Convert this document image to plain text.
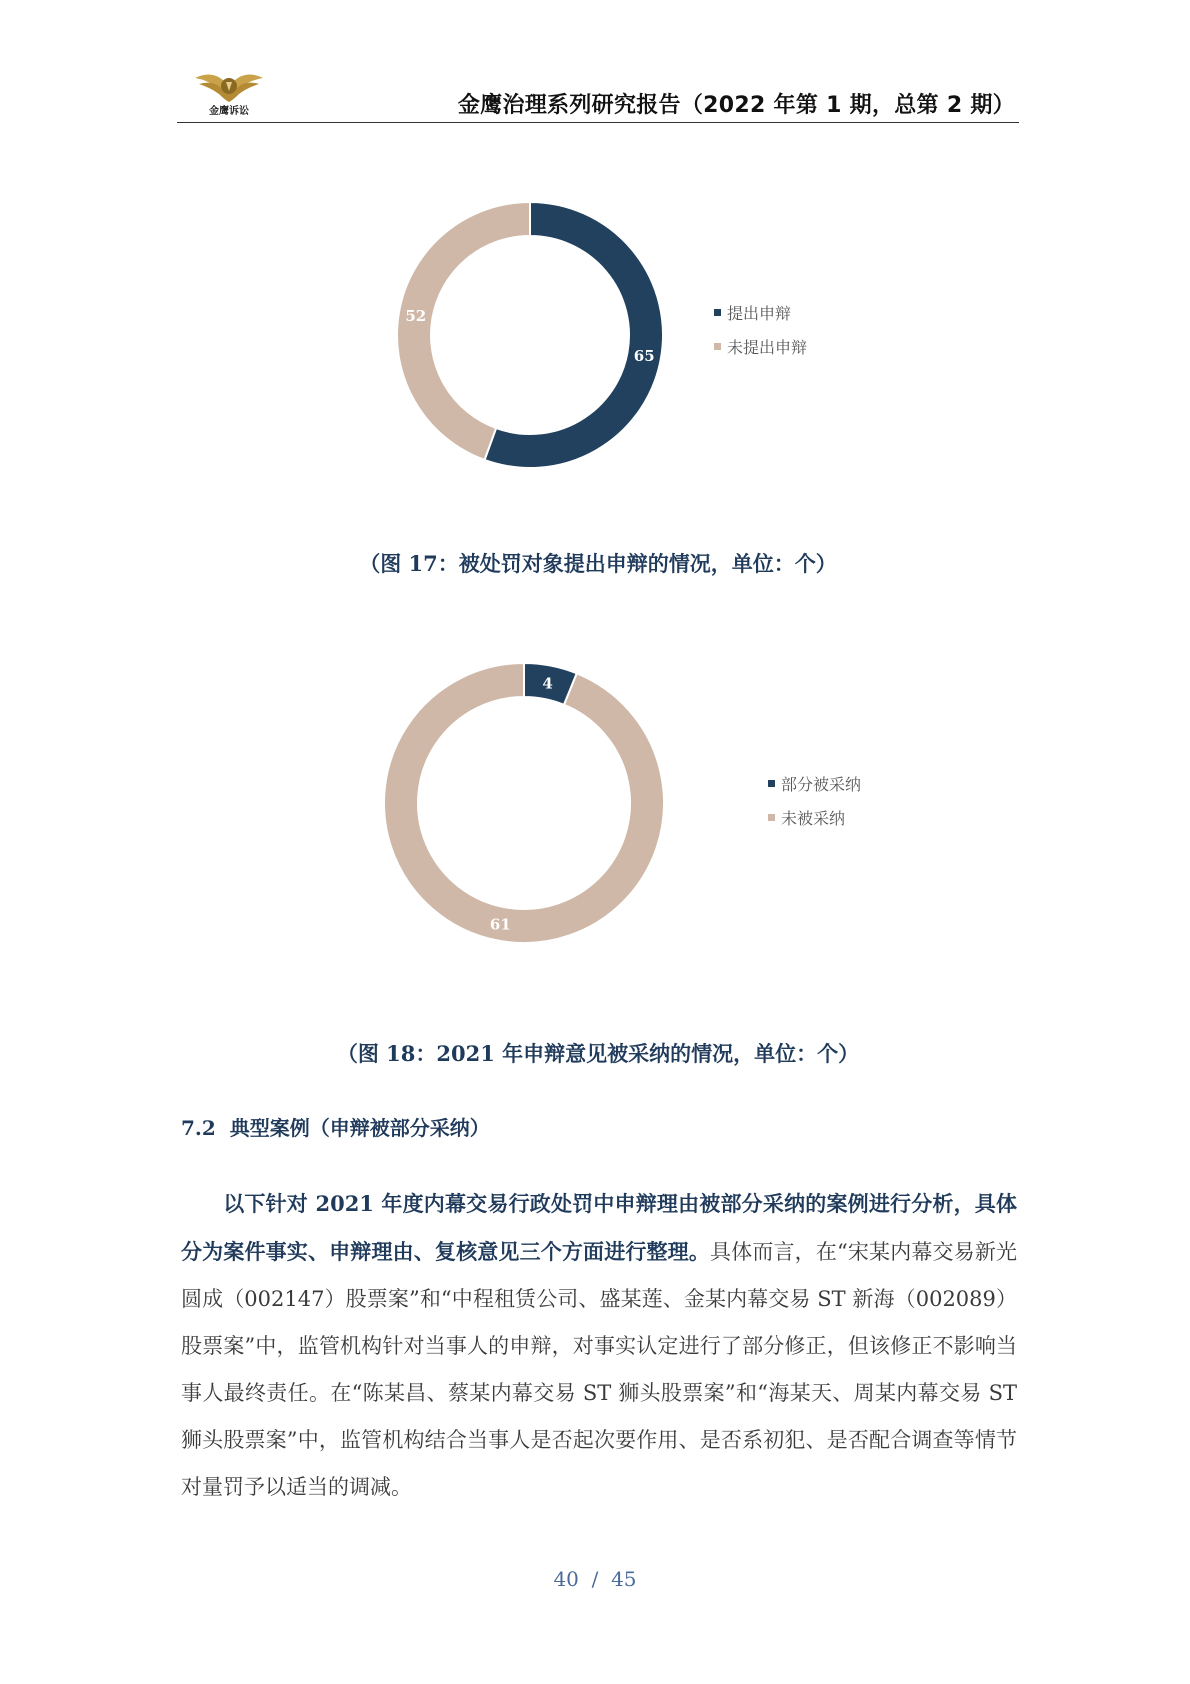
金鹰诉讼	金鹰治理系列研究报告（2022 年第 1 期，总第 2 期）
65
52	提出申辩
未提出申辩
（图 17：被处罚对象提出申辩的情况，单位：个）
4
61
部分被采纳
未被采纳
（图 18：2021 年申辩意见被采纳的情况，单位：个）
7.2  典型案例（申辩被部分采纳）
以下针对 2021 年度内幕交易行政处罚中申辩理由被部分采纳的案例进行分析，具体分为案件事实、申辩理由、复核意见三个方面进行整理。具体而言，在“宋某内幕交易新光圆成（002147）股票案”和“中程租赁公司、盛某莲、金某内幕交易 ST 新海（002089）股票案”中，监管机构针对当事人的申辩，对事实认定进行了部分修正，但该修正不影响当事人最终责任。在“陈某昌、蔡某内幕交易 ST 狮头股票案”和“海某天、周某内幕交易 ST 狮头股票案”中，监管机构结合当事人是否起次要作用、是否系初犯、是否配合调查等情节对量罚予以适当的调减。
40  /  45
